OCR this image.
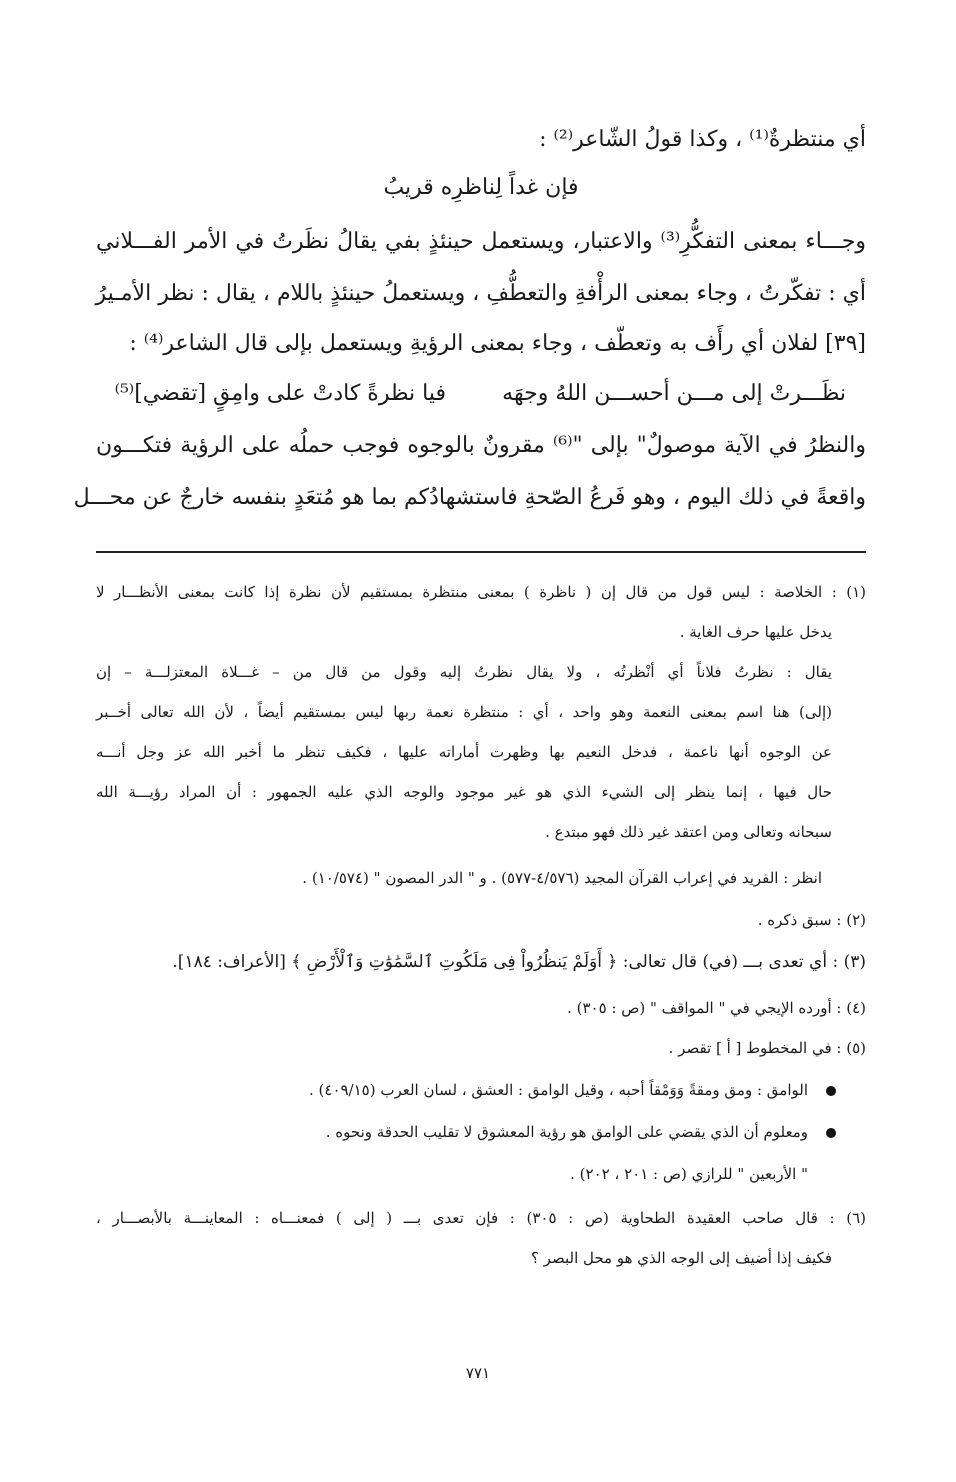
أي منتظرةٌ⁽¹⁾ ، وكذا قولُ الشّاعر⁽²⁾ :
فإن غداً لِناظرِه قريبُ
وجـــاء بمعنى التفكُّرِ⁽³⁾ والاعتبار، ويستعمل حينئذٍ بفي يقالُ نظَرتُ في الأمر الفـــلاني
أي : تفكّرتُ ، وجاء بمعنى الرأْفةِ والتعطُّفِ ، ويستعملُ حينئذٍ باللام ، يقال : نظر الأمـيرُ
[٣٩] لفلان أي رأَف به وتعطّف ، وجاء بمعنى الرؤيةِ ويستعمل بإلى قال الشاعر⁽⁴⁾ :
نظَـــرتْ إلى مـــن أحســـن اللهُ وجهَه
فيا نظرةً كادتْ على وامِقٍ [تقضي]⁽⁵⁾
والنظرُ في الآية موصولٌ" بإلى "⁽⁶⁾ مقرونٌ بالوجوه فوجب حملُه على الرؤية فتكـــون
واقعةً في ذلك اليوم ، وهو فَرعُ الصّحةِ فاستشهادُكم بما هو مُتعَدٍ بنفسه خارجٌ عن محـــل
(١) : الخلاصة : ليس قول من قال إن ( ناظرة ) بمعنى منتظرة بمستقيم لأن نظرة إذا كانت بمعنى الأنظـــار لا
يدخل عليها حرف الغاية .
يقال : نظرتُ فلاناً أي أنْظرتُه ، ولا يقال نظرتُ إليه وقول من قال من – غـــلاة المعتزلـــة – إن
(إلى) هنا اسم بمعنى النعمة وهو واحد ، أي : منتظرة نعمة ربها ليس بمستقيم أيضاً ، لأن الله تعالى أخــبر
عن الوجوه أنها ناعمة ، فدخل النعيم بها وظهرت أماراته عليها ، فكيف تنظر ما أخبر الله عز وجل أنـــه
حال فيها ، إنما ينظر إلى الشيء الذي هو غير موجود والوجه الذي عليه الجمهور : أن المراد رؤيـــة الله
سبحانه وتعالى ومن اعتقد غير ذلك فهو مبتدع .
انظر : الفريد في إعراب القرآن المجيد (٤/٥٧٦-٥٧٧) . و " الدر المصون " (١٠/٥٧٤) .
(٢) : سبق ذكره .
(٣) : أي تعدى بـــ (في) قال تعالى: ﴿ أَوَلَمْ يَنظُرُواْ فِى مَلَكُوتِ ٱلسَّمَٰوَٰتِ وَٱلْأَرْضِ ﴾ [الأعراف: ١٨٤].
(٤) : أورده الإيجي في " المواقف " (ص : ٣٠٥) .
(٥) : في المخطوط [ أ ] تقصر .
الوامق : ومق ومقةً وَوَمْقاً أحبه ، وقيل الوامق : العشق ، لسان العرب (٤٠٩/١٥) .
ومعلوم أن الذي يقضي على الوامق هو رؤية المعشوق لا تقليب الحدقة ونحوه .
" الأربعين " للرازي (ص : ٢٠١ ، ٢٠٢) .
(٦) : قال صاحب العقيدة الطحاوية (ص : ٣٠٥) : فإن تعدى بـــ ( إلى ) فمعنـــاه : المعاينـــة بالأبصـــار ،
فكيف إذا أضيف إلى الوجه الذي هو محل البصر ؟
٧٧١
